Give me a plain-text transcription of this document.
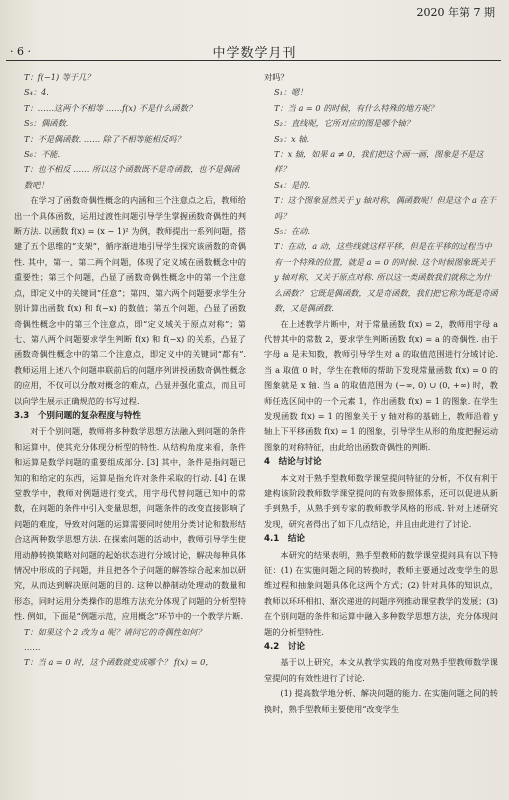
2020 年第 7 期
· 6 ·	中学数学月刊

T：f(−1) 等于几？

S₄：4.

T：……这两个不相等 ……f(x) 不是什么函数？

S₅：偶函数.

T：不是偶函数. …… 除了不相等能相反吗？

S₆：不能.

T：也不相反 …… 所以这个函数既不是奇函数，也不是偶函数吧！

在学习了函数奇偶性概念的内涵和三个注意点之后，教师给出一个具体函数，运用过渡性问题引导学生掌握函数奇偶性的判断方法. 以函数 f(x) = (x − 1)² 为例，教师提出一系列问题，搭建了五个思维的“支架”，循序渐进地引导学生探究该函数的奇偶性. 其中，第一、第二两个问题，体现了定义域在函数概念中的重要性；第三个问题，凸显了函数奇偶性概念中的第一个注意点，即定义中的关键词“任意”；第四、第六两个问题要求学生分别计算出函数 f(x) 和 f(−x) 的数值；第五个问题，凸显了函数奇偶性概念中的第三个注意点，即“定义域关于原点对称”；第七、第八两个问题要求学生判断 f(x) 和 f(−x) 的关系，凸显了函数奇偶性概念中的第二个注意点，即定义中的关键词“都有”. 教师运用上述八个问题串联前后的问题序列讲授函数奇偶性概念的应用，不仅可以分散对概念的难点，凸显并强化重点，而且可以向学生展示正确规范的书写过程.

3.3　个别问题的复杂程度与特性

对于个别问题，教师将多种数学思想方法融入到问题的条件和运算中，使其充分体现分析型的特性. 从结构角度来看，条件和运算是数学问题的重要组成部分. [3] 其中，条件是指问题已知的和给定的东西，运算是指允许对条件采取的行动. [4] 在课堂教学中，教师对例题进行变式，用字母代替问题已知中的常数，在问题的条件中引入变量思想，问题条件的改变直接影响了问题的难度，导致对问题的运算需要同时使用分类讨论和数形结合这两种数学思想方法. 在探索问题的活动中，教师引导学生使用动静转换策略对问题的起始状态进行分域讨论，解决每种具体情况中形成的子问题，并且把各个子问题的解答综合起来加以研究，从而达到解决原问题的目的. 这种以静制动处理动的数量和形态，同时运用分类操作的思维方法充分体现了问题的分析型特性. 例如，下面是“例题示范，应用概念”环节中的一个教学片断.

T：如果这个 2 改为 a 呢？请问它的奇偶性如何？

……

T：当 a = 0 时，这个函数就变成哪个？ f(x) = 0，

对吗？

S₁：嗯！

T：当 a = 0 的时候，有什么特殊的地方呢？

S₂：直线呢，它所对应的图是哪个轴？

S₃：x 轴.

T：x 轴，如果 a ≠ 0，我们把这个画一画，图象是不是这样？

S₄：是的.

T：这个图象显然关于 y 轴对称，偶函数呢！但是这个 a 在干吗？

S₅：在动.

T：在动，a 动，这些线就这样平移，但是在平移的过程当中有一个特殊的位置，就是 a = 0 的时候. 这个时候图象既关于 y 轴对称，又关于原点对称. 所以这一类函数我们就称之为什么函数？ 它既是偶函数，又是奇函数，我们把它称为既是奇函数，又是偶函数.

在上述教学片断中，对于常量函数 f(x) = 2，教师用字母 a 代替其中的常数 2，要求学生判断函数 f(x) = a 的奇偶性. 由于字母 a 是未知数，教师引导学生对 a 的取值范围进行分域讨论. 当 a 取值 0 时，学生在教师的帮助下发现常量函数 f(x) = 0 的图象就是 x 轴. 当 a 的取值范围为 (−∞, 0) ∪ (0, +∞) 时，教师任选区间中的一个元素 1，作出函数 f(x) = 1 的图象. 在学生发现函数 f(x) = 1 的图象关于 y 轴对称的基础上，教师沿着 y 轴上下平移函数 f(x) = 1 的图象，引导学生从形的角度把握运动图象的对称特征，由此给出函数奇偶性的判断.

4　结论与讨论

本文对于熟手型教师数学课堂提问特征的分析，不仅有利于建构该阶段教师数学课堂提问的有效参照体系，还可以促进从新手到熟手，从熟手到专家的教师教学风格的形成. 针对上述研究发现，研究者得出了如下几点结论，并且由此进行了讨论.

4.1　结论

本研究的结果表明，熟手型教师的数学课堂提问具有以下特征：(1) 在实施问题之间的转换时，教师主要通过改变学生的思维过程和抽象问题具体化这两个方式；(2) 针对具体的知识点，教师以环环相扣、渐次递进的问题序列推动课堂教学的发展；(3) 在个别问题的条件和运算中融入多种数学思想方法，充分体现问题的分析型特性.

4.2　讨论

基于以上研究，本文从教学实践的角度对熟手型教师数学课堂提问的有效性进行了讨论.

(1) 提高数学地分析、解决问题的能力. 在实施问题之间的转换时，熟手型教师主要使用“改变学生
